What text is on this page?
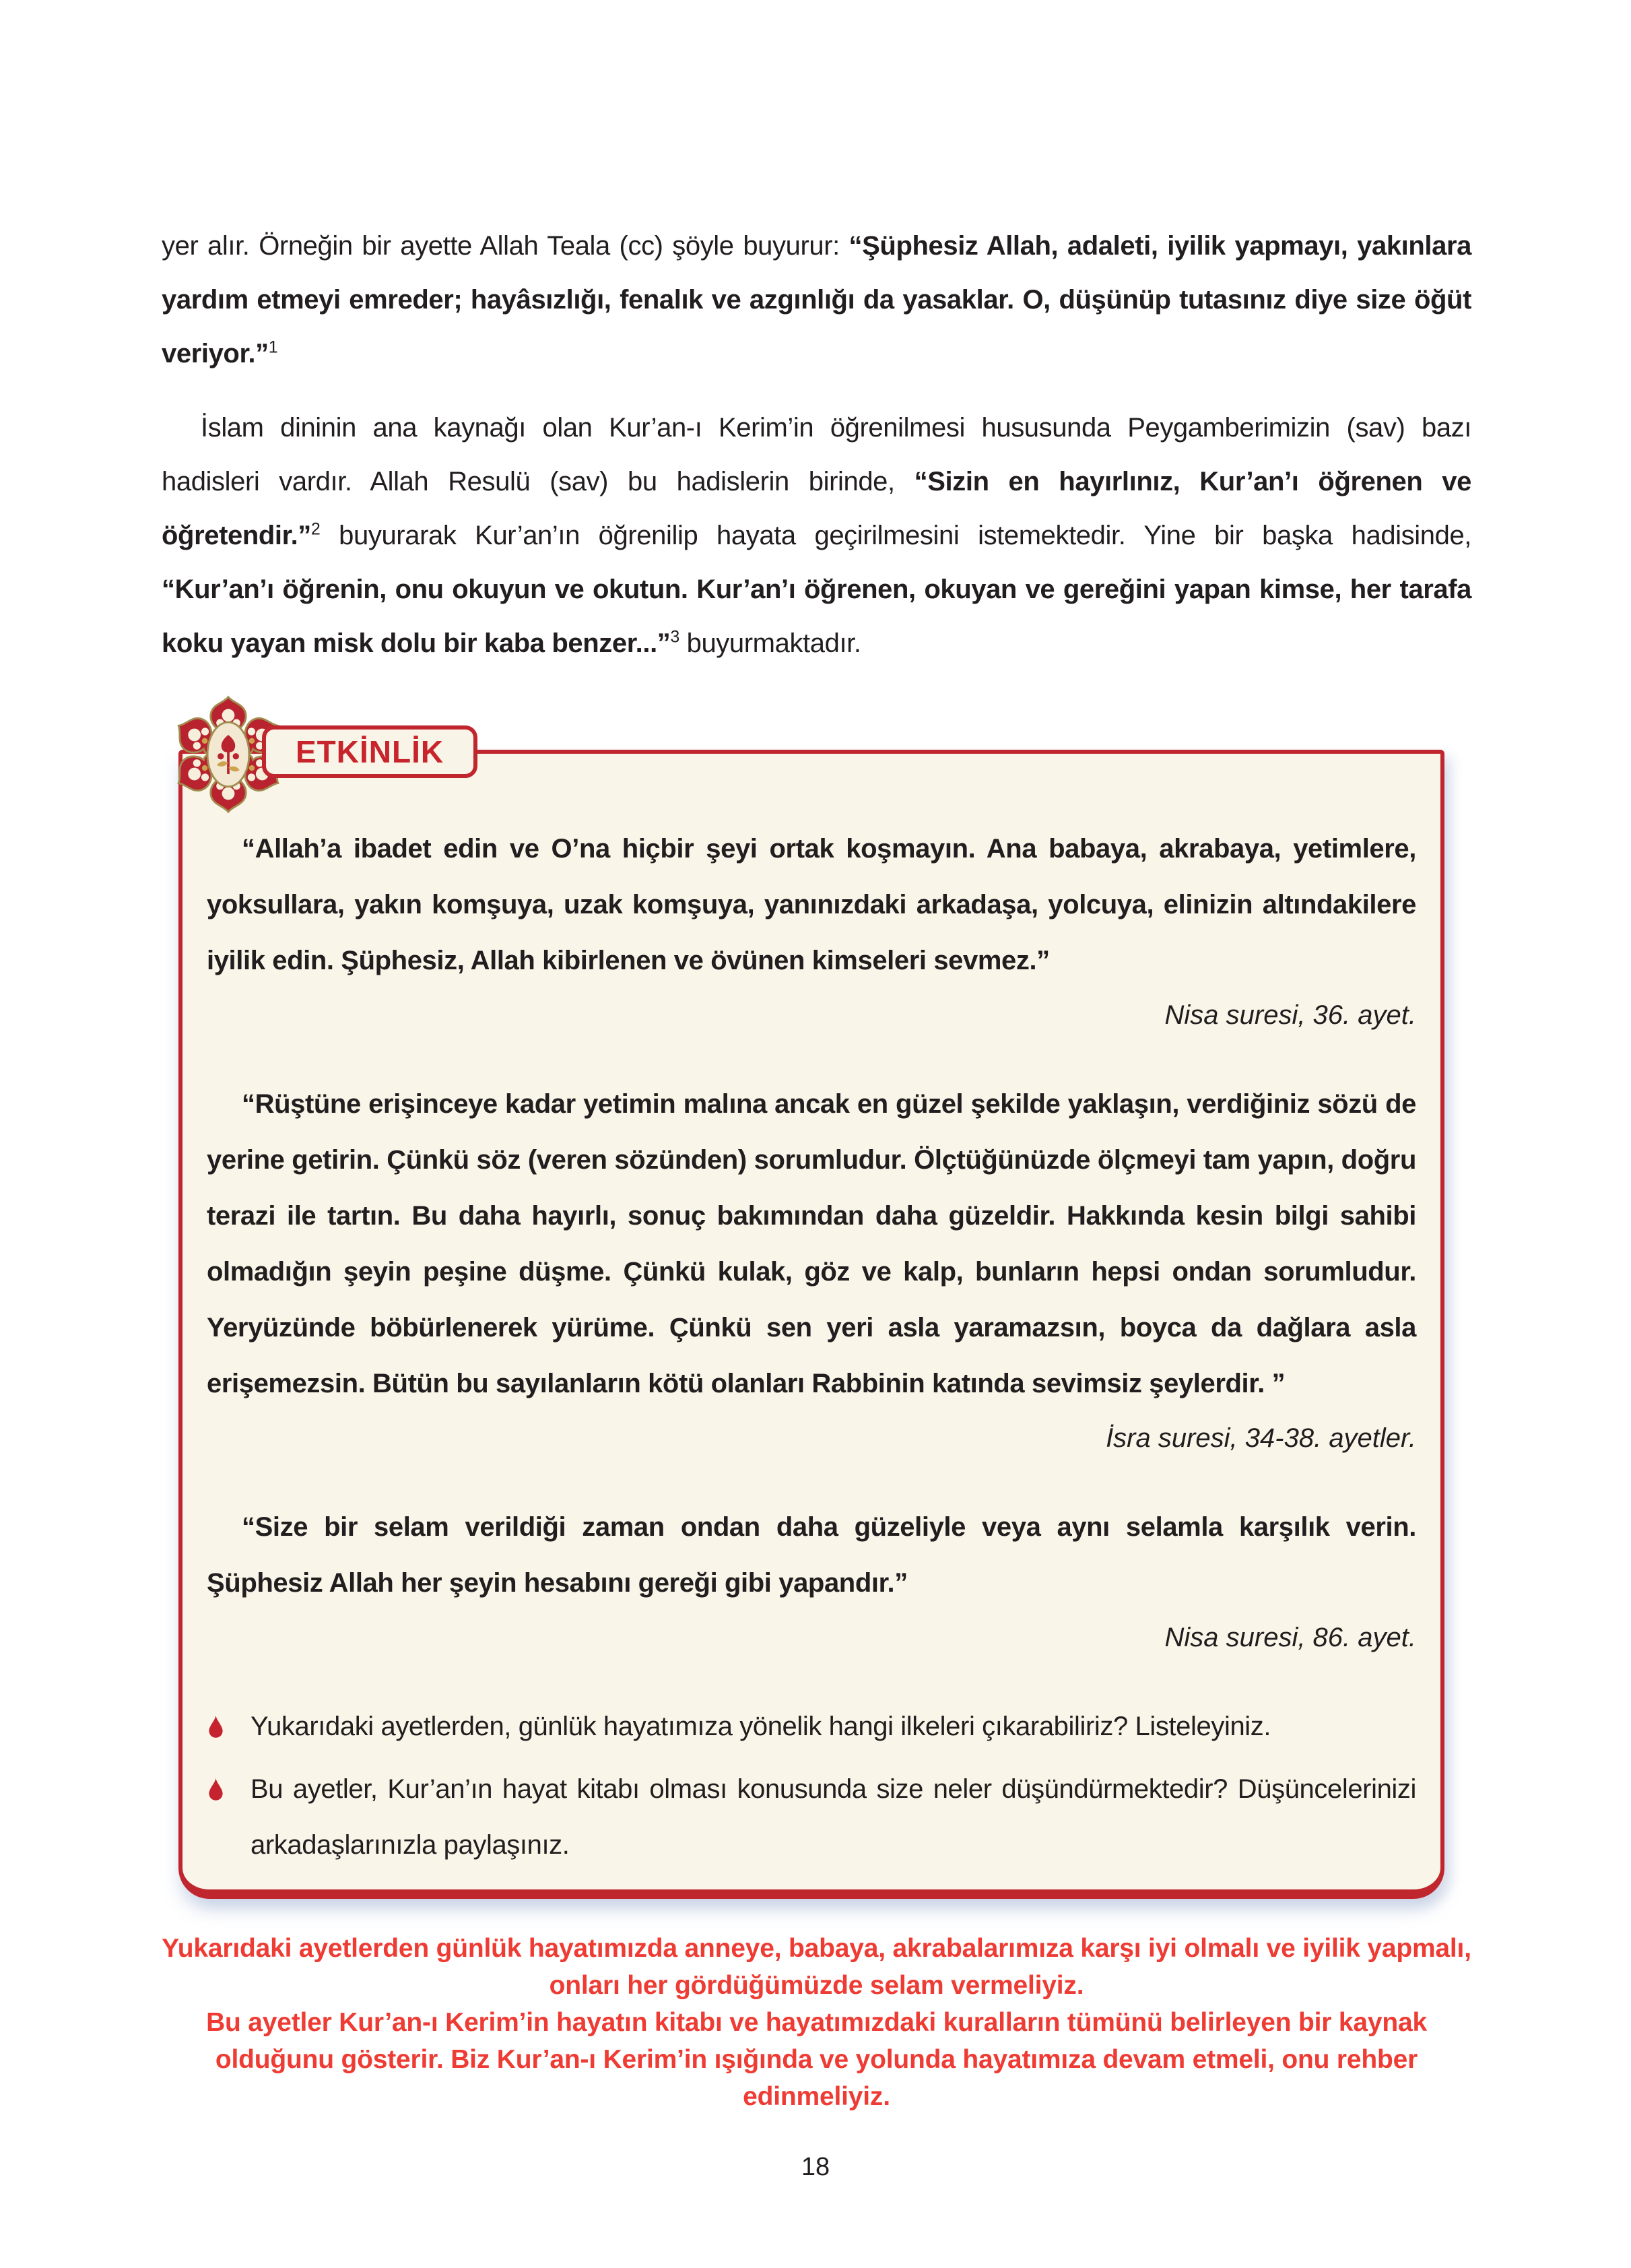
yer alır. Örneğin bir ayette Allah Teala (cc) şöyle buyurur: “Şüphesiz Allah, adaleti, iyilik yapmayı, yakınlara yardım etmeyi emreder; hayâsızlığı, fenalık ve azgınlığı da yasaklar. O, düşünüp tutasınız diye size öğüt veriyor.”$^1$

İslam dininin ana kaynağı olan Kur’an-ı Kerim’in öğrenilmesi hususunda Peygamberimizin (sav) bazı hadisleri vardır. Allah Resulü (sav) bu hadislerin birinde, “Sizin en hayırlınız, Kur’an’ı öğrenen ve öğretendir.”$^2$ buyurarak Kur’an’ın öğrenilip hayata geçirilmesini istemektedir. Yine bir başka hadisinde, “Kur’an’ı öğrenin, onu okuyun ve okutun. Kur’an’ı öğrenen, okuyan ve gereğini yapan kimse, her tarafa koku yayan misk dolu bir kaba benzer...”$^3$ buyurmaktadır.

ETKİNLİK

“Allah’a ibadet edin ve O’na hiçbir şeyi ortak koşmayın. Ana babaya, akrabaya, yetimlere, yoksullara, yakın komşuya, uzak komşuya, yanınızdaki arkadaşa, yolcuya, elinizin altındakilere iyilik edin. Şüphesiz, Allah kibirlenen ve övünen kimseleri sevmez.”

Nisa suresi, 36. ayet.

“Rüştüne erişinceye kadar yetimin malına ancak en güzel şekilde yaklaşın, verdiğiniz sözü de yerine getirin. Çünkü söz (veren sözünden) sorumludur. Ölçtüğünüzde ölçmeyi tam yapın, doğru terazi ile tartın. Bu daha hayırlı, sonuç bakımından daha güzeldir. Hakkında kesin bilgi sahibi olmadığın şeyin peşine düşme. Çünkü kulak, göz ve kalp, bunların hepsi ondan sorumludur. Yeryüzünde böbürlenerek yürüme. Çünkü sen yeri asla yaramazsın, boyca da dağlara asla erişemezsin. Bütün bu sayılanların kötü olanları Rabbinin katında sevimsiz şeylerdir. ”

İsra suresi, 34-38. ayetler.

“Size bir selam verildiği zaman ondan daha güzeliyle veya aynı selamla karşılık verin. Şüphesiz Allah her şeyin hesabını gereği gibi yapandır.”

Nisa suresi, 86. ayet.

Yukarıdaki ayetlerden, günlük hayatımıza yönelik hangi ilkeleri çıkarabiliriz? Listeleyiniz.
Bu ayetler, Kur’an’ın hayat kitabı olması konusunda size neler düşündürmektedir? Düşüncelerinizi arkadaşlarınızla paylaşınız.

Yukarıdaki ayetlerden günlük hayatımızda anneye, babaya, akrabalarımıza karşı iyi olmalı ve iyilik yapmalı, onları her gördüğümüzde selam vermeliyiz.

Bu ayetler Kur’an-ı Kerim’in hayatın kitabı ve hayatımızdaki kuralların tümünü belirleyen bir kaynak olduğunu gösterir. Biz Kur’an-ı Kerim’in ışığında ve yolunda hayatımıza devam etmeli, onu rehber edinmeliyiz.

18
